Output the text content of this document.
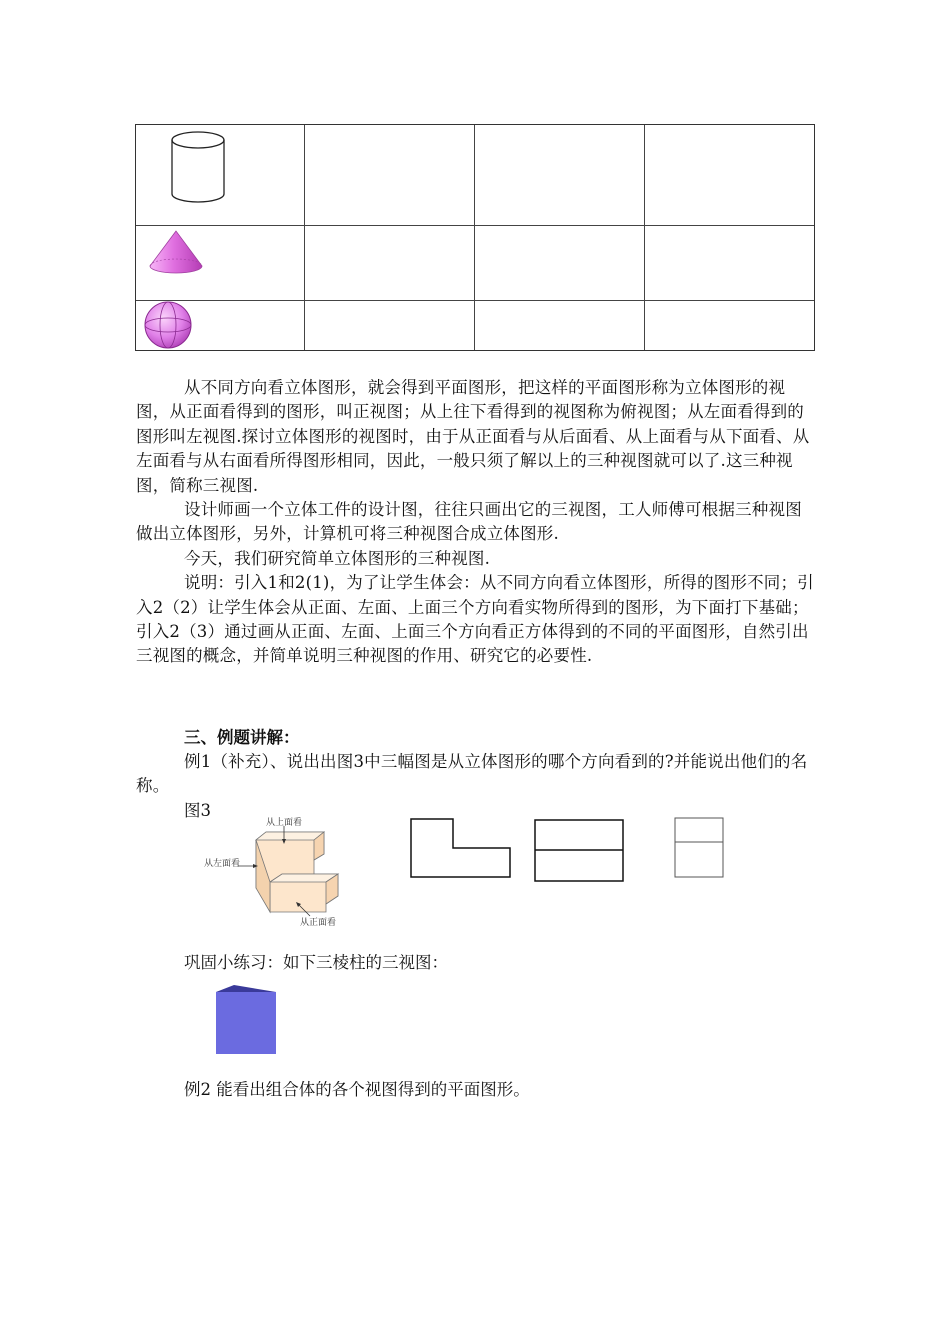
从不同方向看立体图形，就会得到平面图形，把这样的平面图形称为立体图形的视图，从正面看得到的图形，叫正视图；从上往下看得到的视图称为俯视图；从左面看得到的图形叫左视图.探讨立体图形的视图时，由于从正面看与从后面看、从上面看与从下面看、从左面看与从右面看所得图形相同，因此，一般只须了解以上的三种视图就可以了.这三种视图，简称三视图.

设计师画一个立体工件的设计图，往往只画出它的三视图，工人师傅可根据三种视图做出立体图形，另外，计算机可将三种视图合成立体图形.

今天，我们研究简单立体图形的三种视图.

说明：引入1和2(1)，为了让学生体会：从不同方向看立体图形，所得的图形不同；引入2（2）让学生体会从正面、左面、上面三个方向看实物所得到的图形，为下面打下基础；引入2（3）通过画从正面、左面、上面三个方向看正方体得到的不同的平面图形，自然引出三视图的概念，并简单说明三种视图的作用、研究它的必要性.

三、例题讲解：

例1（补充）、说出出图3中三幅图是从立体图形的哪个方向看到的?并能说出他们的名称。

图3
从上面看
从左面看
从正面看
巩固小练习：如下三棱柱的三视图：
例2 能看出组合体的各个视图得到的平面图形。
